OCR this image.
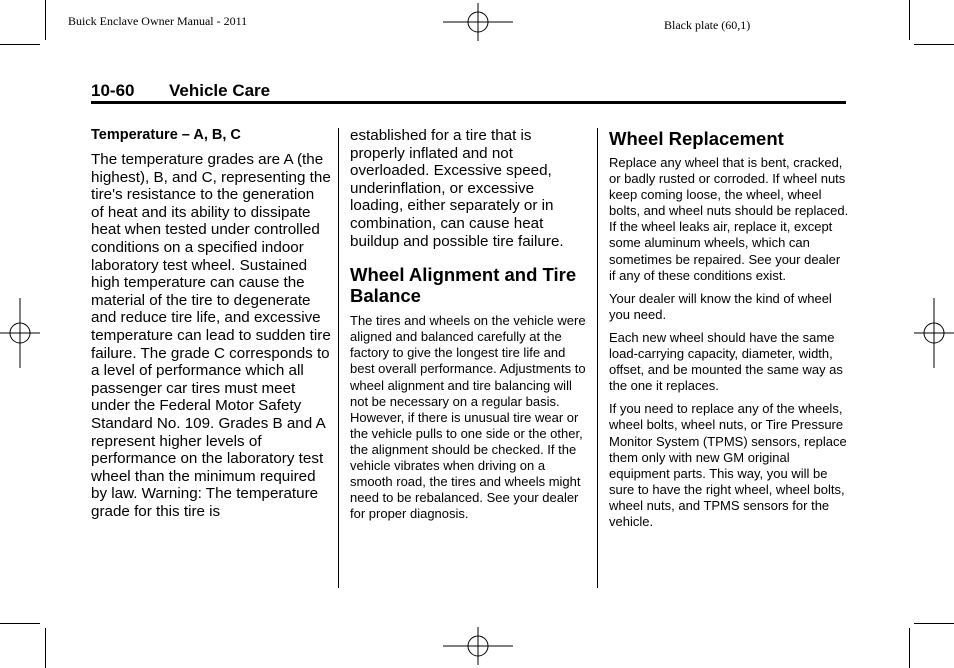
Buick Enclave Owner Manual - 2011	Black plate (60,1)
10-60 Vehicle Care

Temperature – A, B, C

The temperature grades are A (the highest), B, and C, representing the tire's resistance to the generation of heat and its ability to dissipate heat when tested under controlled conditions on a specified indoor laboratory test wheel. Sustained high temperature can cause the material of the tire to degenerate and reduce tire life, and excessive temperature can lead to sudden tire failure. The grade C corresponds to a level of performance which all passenger car tires must meet under the Federal Motor Safety Standard No. 109. Grades B and A represent higher levels of performance on the laboratory test wheel than the minimum required by law. Warning: The temperature grade for this tire is

established for a tire that is properly inflated and not overloaded. Excessive speed, underinflation, or excessive loading, either separately or in combination, can cause heat buildup and possible tire failure.

Wheel Alignment and Tire Balance

The tires and wheels on the vehicle were aligned and balanced carefully at the factory to give the longest tire life and best overall performance. Adjustments to wheel alignment and tire balancing will not be necessary on a regular basis. However, if there is unusual tire wear or the vehicle pulls to one side or the other, the alignment should be checked. If the vehicle vibrates when driving on a smooth road, the tires and wheels might need to be rebalanced. See your dealer for proper diagnosis.

Wheel Replacement

Replace any wheel that is bent, cracked, or badly rusted or corroded. If wheel nuts keep coming loose, the wheel, wheel bolts, and wheel nuts should be replaced.

If the wheel leaks air, replace it, except some aluminum wheels, which can sometimes be repaired. See your dealer if any of these conditions exist.

Your dealer will know the kind of wheel you need.

Each new wheel should have the same load-carrying capacity, diameter, width, offset, and be mounted the same way as the one it replaces.

If you need to replace any of the wheels, wheel bolts, wheel nuts, or Tire Pressure Monitor System (TPMS) sensors, replace them only with new GM original equipment parts. This way, you will be sure to have the right wheel, wheel bolts, wheel nuts, and TPMS sensors for the vehicle.
